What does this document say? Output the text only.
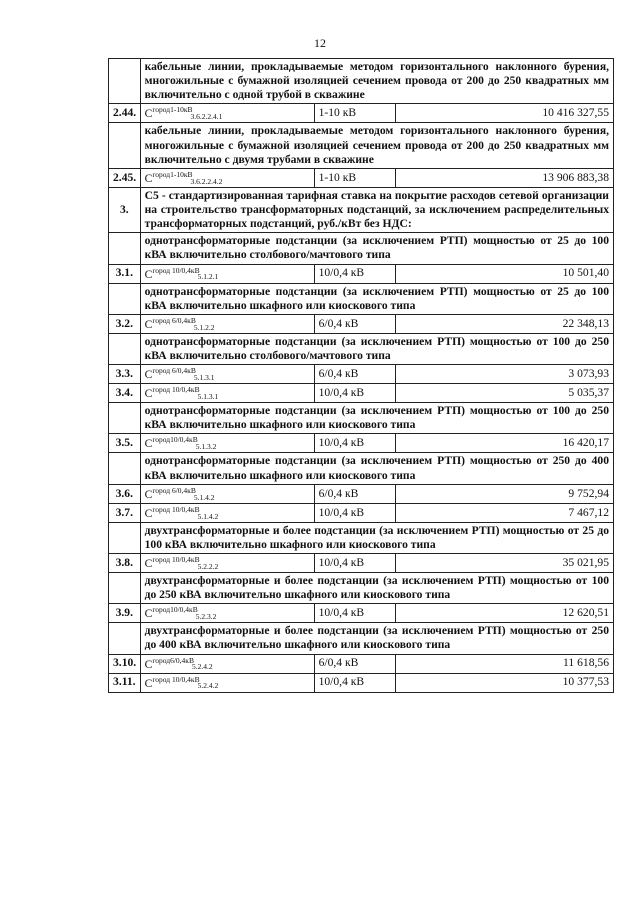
12
	кабельные линии, прокладываемые методом горизонтального наклонного бурения, многожильные с бумажной изоляцией сечением провода от 200 до 250 квадратных мм включительно с одной трубой в скважине		
2.44.	$C^{город1-10кВ}_{3.6.2.2.4.1}$	1-10 кВ	10 416 327,55
	кабельные линии, прокладываемые методом горизонтального наклонного бурения, многожильные с бумажной изоляцией сечением провода от 200 до 250 квадратных мм включительно с двумя трубами в скважине		
2.45.	$C^{город1-10кВ}_{3.6.2.2.4.2}$	1-10 кВ	13 906 883,38
3.	C5 - стандартизированная тарифная ставка на покрытие расходов сетевой организации на строительство трансформаторных подстанций, за исключением распределительных трансформаторных подстанций, руб./кВт без НДС:		
	однотрансформаторные подстанции (за исключением РТП) мощностью от 25 до 100 кВА включительно столбового/мачтового типа		
3.1.	$C^{город 10/0,4кВ}_{5.1.2.1}$	10/0,4 кВ	10 501,40
	однотрансформаторные подстанции (за исключением РТП) мощностью от 25 до 100 кВА включительно шкафного или киоскового типа		
3.2.	$C^{город 6/0,4кВ}_{5.1.2.2}$	6/0,4 кВ	22 348,13
	однотрансформаторные подстанции (за исключением РТП) мощностью от 100 до 250 кВА включительно столбового/мачтового типа		
3.3.	$C^{город 6/0,4кВ}_{5.1.3.1}$	6/0,4 кВ	3 073,93
3.4.	$C^{город 10/0,4кВ}_{5.1.3.1}$	10/0,4 кВ	5 035,37
	однотрансформаторные подстанции (за исключением РТП) мощностью от 100 до 250 кВА включительно шкафного или киоскового типа		
3.5.	$C^{город10/0,4кВ}_{5.1.3.2}$	10/0,4 кВ	16 420,17
	однотрансформаторные подстанции (за исключением РТП) мощностью от 250 до 400 кВА включительно шкафного или киоскового типа		
3.6.	$C^{город 6/0,4кВ}_{5.1.4.2}$	6/0,4 кВ	9 752,94
3.7.	$C^{город 10/0,4кВ}_{5.1.4.2}$	10/0,4 кВ	7 467,12
	двухтрансформаторные и более подстанции (за исключением РТП) мощностью от 25 до 100 кВА включительно шкафного или киоскового типа		
3.8.	$C^{город 10/0,4кВ}_{5.2.2.2}$	10/0,4 кВ	35 021,95
	двухтрансформаторные и более подстанции (за исключением РТП) мощностью от 100 до 250 кВА включительно шкафного или киоскового типа		
3.9.	$C^{город10/0,4кВ}_{5.2.3.2}$	10/0,4 кВ	12 620,51
	двухтрансформаторные и более подстанции (за исключением РТП) мощностью от 250 до 400 кВА включительно шкафного или киоскового типа		
3.10.	$C^{город6/0,4кВ}_{5.2.4.2}$	6/0,4 кВ	11 618,56
3.11.	$C^{город 10/0,4кВ}_{5.2.4.2}$	10/0,4 кВ	10 377,53
